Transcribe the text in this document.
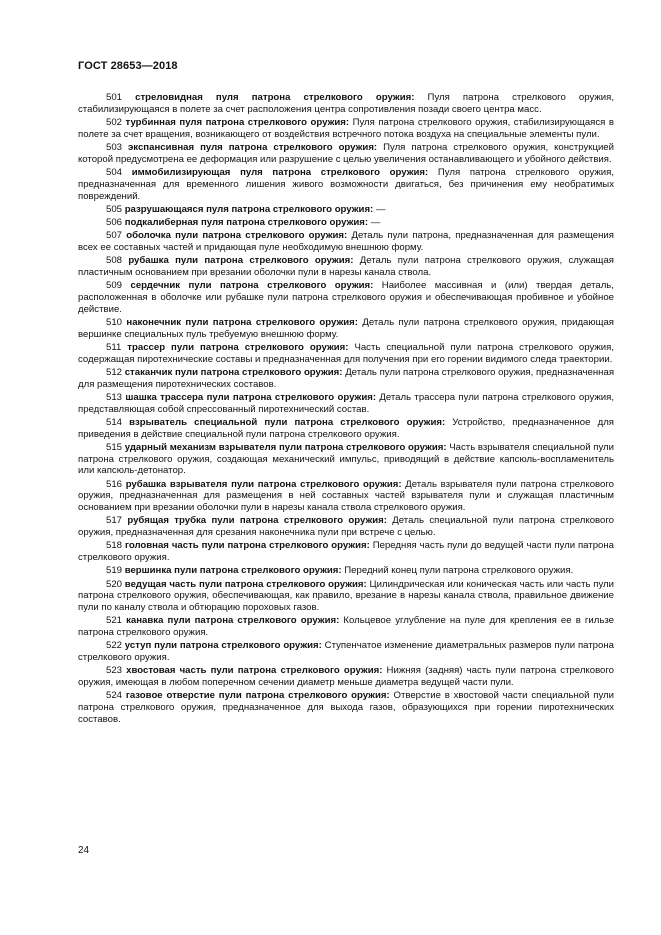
ГОСТ 28653—2018

501 стреловидная пуля патрона стрелкового оружия: Пуля патрона стрелкового оружия, стабилизирующаяся в полете за счет расположения центра сопротивления позади своего центра масс.

502 турбинная пуля патрона стрелкового оружия: Пуля патрона стрелкового оружия, стабилизирующаяся в полете за счет вращения, возникающего от воздействия встречного потока воздуха на специальные элементы пули.

503 экспансивная пуля патрона стрелкового оружия: Пуля патрона стрелкового оружия, конструкцией которой предусмотрена ее деформация или разрушение с целью увеличения останавливающего и убойного действия.

504 иммобилизирующая пуля патрона стрелкового оружия: Пуля патрона стрелкового оружия, предназначенная для временного лишения живого возможности двигаться, без причинения ему необратимых повреждений.

505 разрушающаяся пуля патрона стрелкового оружия: —

506 подкалиберная пуля патрона стрелкового оружия: —

507 оболочка пули патрона стрелкового оружия: Деталь пули патрона, предназначенная для размещения всех ее составных частей и придающая пуле необходимую внешнюю форму.

508 рубашка пули патрона стрелкового оружия: Деталь пули патрона стрелкового оружия, служащая пластичным основанием при врезании оболочки пули в нарезы канала ствола.

509 сердечник пули патрона стрелкового оружия: Наиболее массивная и (или) твердая деталь, расположенная в оболочке или рубашке пули патрона стрелкового оружия и обеспечивающая пробивное и убойное действие.

510 наконечник пули патрона стрелкового оружия: Деталь пули патрона стрелкового оружия, придающая вершинке специальных пуль требуемую внешнюю форму.

511 трассер пули патрона стрелкового оружия: Часть специальной пули патрона стрелкового оружия, содержащая пиротехнические составы и предназначенная для получения при его горении видимого следа траектории.

512 стаканчик пули патрона стрелкового оружия: Деталь пули патрона стрелкового оружия, предназначенная для размещения пиротехнических составов.

513 шашка трассера пули патрона стрелкового оружия: Деталь трассера пули патрона стрелкового оружия, представляющая собой спрессованный пиротехнический состав.

514 взрыватель специальной пули патрона стрелкового оружия: Устройство, предназначенное для приведения в действие специальной пули патрона стрелкового оружия.

515 ударный механизм взрывателя пули патрона стрелкового оружия: Часть взрывателя специальной пули патрона стрелкового оружия, создающая механический импульс, приводящий в действие капсюль-воспламенитель или капсюль-детонатор.

516 рубашка взрывателя пули патрона стрелкового оружия: Деталь взрывателя пули патрона стрелкового оружия, предназначенная для размещения в ней составных частей взрывателя пули и служащая пластичным основанием при врезании оболочки пули в нарезы канала ствола стрелкового оружия.

517 рубящая трубка пули патрона стрелкового оружия: Деталь специальной пули патрона стрелкового оружия, предназначенная для срезания наконечника пули при встрече с целью.

518 головная часть пули патрона стрелкового оружия: Передняя часть пули до ведущей части пули патрона стрелкового оружия.

519 вершинка пули патрона стрелкового оружия: Передний конец пули патрона стрелкового оружия.

520 ведущая часть пули патрона стрелкового оружия: Цилиндрическая или коническая часть или часть пули патрона стрелкового оружия, обеспечивающая, как правило, врезание в нарезы канала ствола, правильное движение пули по каналу ствола и обтюрацию пороховых газов.

521 канавка пули патрона стрелкового оружия: Кольцевое углубление на пуле для крепления ее в гильзе патрона стрелкового оружия.

522 уступ пули патрона стрелкового оружия: Ступенчатое изменение диаметральных размеров пули патрона стрелкового оружия.

523 хвостовая часть пули патрона стрелкового оружия: Нижняя (задняя) часть пули патрона стрелкового оружия, имеющая в любом поперечном сечении диаметр меньше диаметра ведущей части пули.

524 газовое отверстие пули патрона стрелкового оружия: Отверстие в хвостовой части специальной пули патрона стрелкового оружия, предназначенное для выхода газов, образующихся при горении пиротехнических составов.

24
